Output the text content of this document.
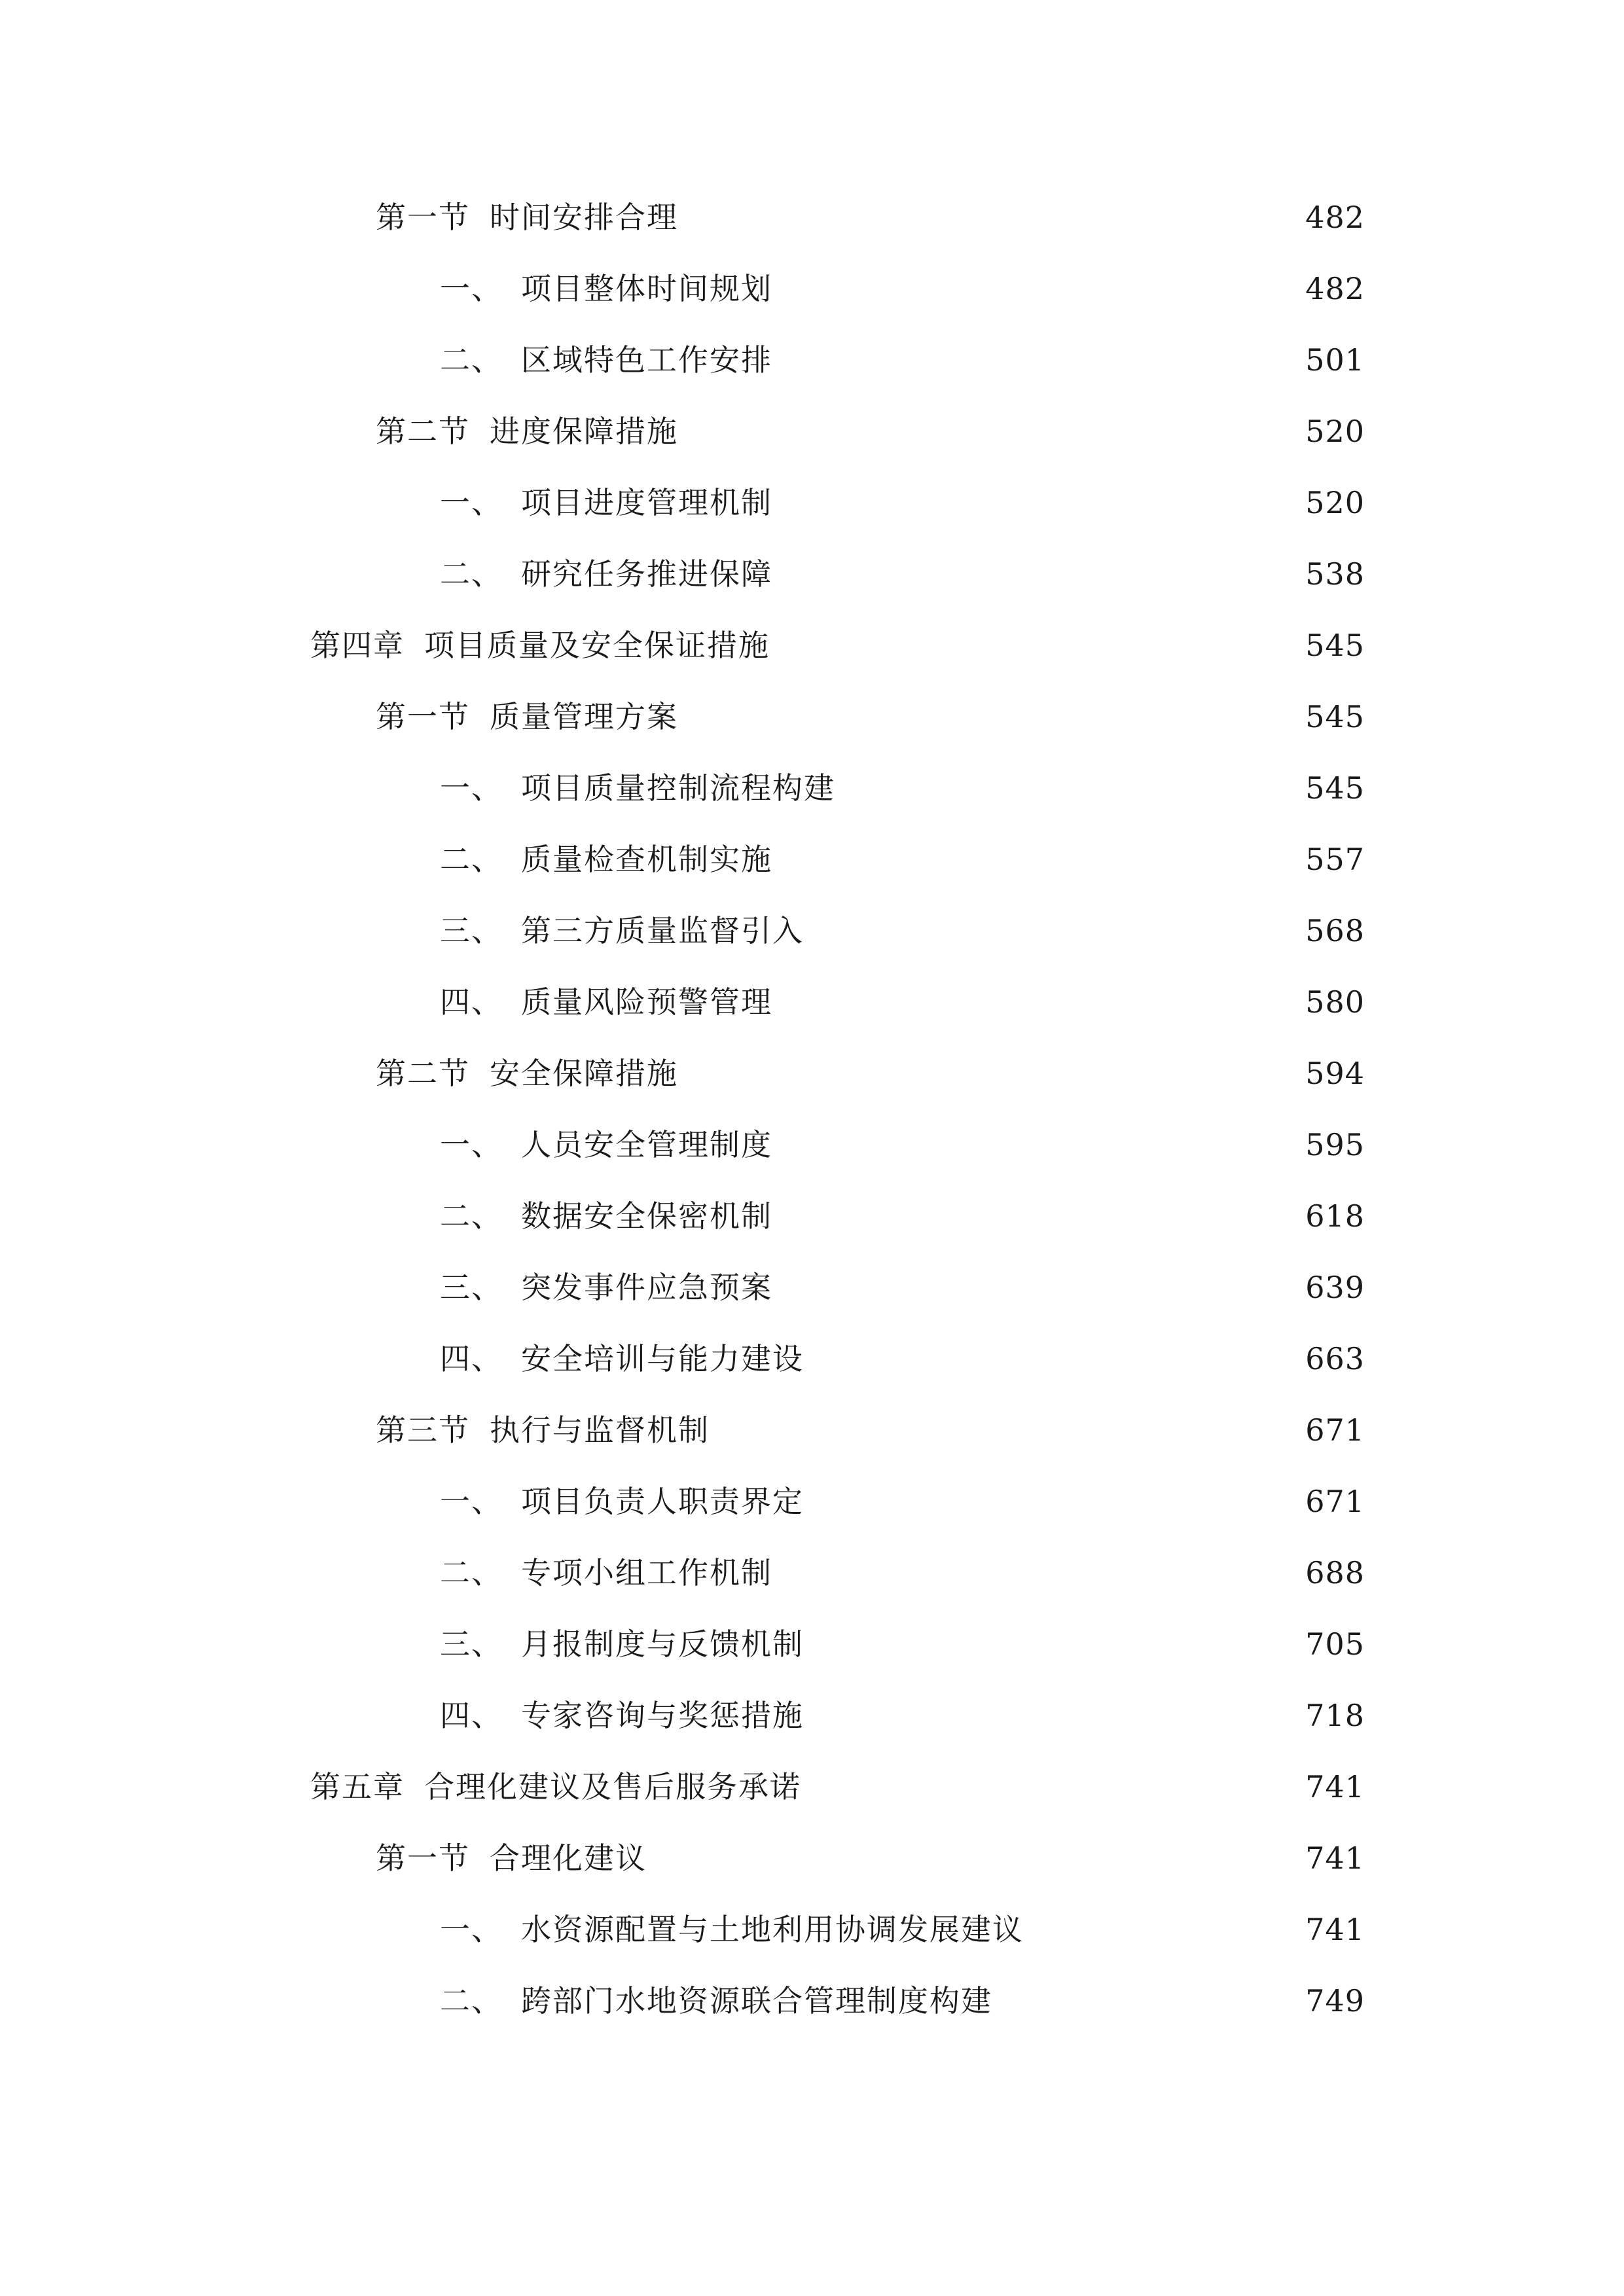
第一节 时间安排合理	482
一、 项目整体时间规划	482
二、 区域特色工作安排	501
第二节 进度保障措施	520
一、 项目进度管理机制	520
二、 研究任务推进保障	538
第四章 项目质量及安全保证措施	545
第一节 质量管理方案	545
一、 项目质量控制流程构建	545
二、 质量检查机制实施	557
三、 第三方质量监督引入	568
四、 质量风险预警管理	580
第二节 安全保障措施	594
一、 人员安全管理制度	595
二、 数据安全保密机制	618
三、 突发事件应急预案	639
四、 安全培训与能力建设	663
第三节 执行与监督机制	671
一、 项目负责人职责界定	671
二、 专项小组工作机制	688
三、 月报制度与反馈机制	705
四、 专家咨询与奖惩措施	718
第五章 合理化建议及售后服务承诺	741
第一节 合理化建议	741
一、 水资源配置与土地利用协调发展建议	741
二、 跨部门水地资源联合管理制度构建	749
